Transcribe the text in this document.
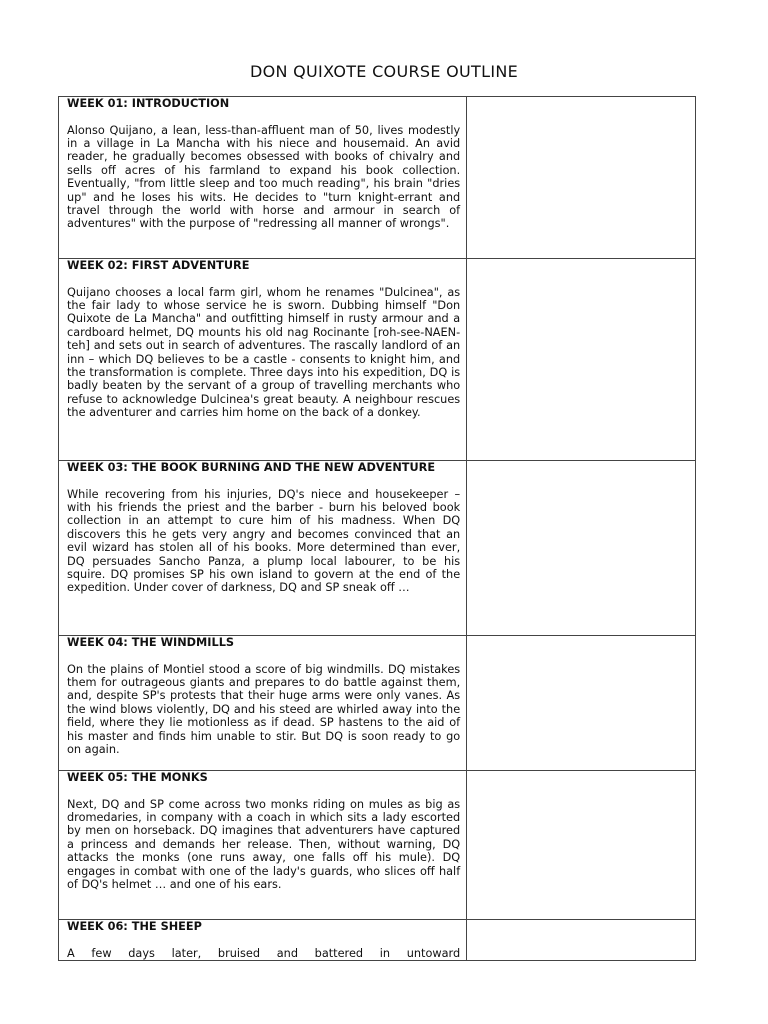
DON QUIXOTE COURSE OUTLINE
WEEK 01: INTRODUCTION

Alonso Quijano, a lean, less-than-affluent man of 50, lives modestly in a village in La Mancha with his niece and housemaid. An avid reader, he gradually becomes obsessed with books of chivalry and sells off acres of his farmland to expand his book collection. Eventually, "from little sleep and too much reading", his brain "dries up" and he loses his wits. He decides to "turn knight-errant and travel through the world with horse and armour in search of adventures" with the purpose of "redressing all manner of wrongs".	

WEEK 02: FIRST ADVENTURE

Quijano chooses a local farm girl, whom he renames "Dulcinea", as the fair lady to whose service he is sworn. Dubbing himself "Don Quixote de La Mancha" and outfitting himself in rusty armour and a cardboard helmet, DQ mounts his old nag Rocinante [roh-see-NAEN-teh] and sets out in search of adventures. The rascally landlord of an inn – which DQ believes to be a castle - consents to knight him, and the transformation is complete. Three days into his expedition, DQ is badly beaten by the servant of a group of travelling merchants who refuse to acknowledge Dulcinea's great beauty. A neighbour rescues the adventurer and carries him home on the back of a donkey.	

WEEK 03: THE BOOK BURNING AND THE NEW ADVENTURE

While recovering from his injuries, DQ's niece and housekeeper – with his friends the priest and the barber - burn his beloved book collection in an attempt to cure him of his madness. When DQ discovers this he gets very angry and becomes convinced that an evil wizard has stolen all of his books. More determined than ever, DQ persuades Sancho Panza, a plump local labourer, to be his squire. DQ promises SP his own island to govern at the end of the expedition. Under cover of darkness, DQ and SP sneak off …	

WEEK 04: THE WINDMILLS

On the plains of Montiel stood a score of big windmills. DQ mistakes them for outrageous giants and prepares to do battle against them, and, despite SP's protests that their huge arms were only vanes. As the wind blows violently, DQ and his steed are whirled away into the field, where they lie motionless as if dead. SP hastens to the aid of his master and finds him unable to stir. But DQ is soon ready to go on again.	

WEEK 05: THE MONKS

Next, DQ and SP come across two monks riding on mules as big as dromedaries, in company with a coach in which sits a lady escorted by men on horseback. DQ imagines that adventurers have captured a princess and demands her release. Then, without warning, DQ attacks the monks (one runs away, one falls off his mule). DQ engages in combat with one of the lady's guards, who slices off half of DQ's helmet … and one of his ears.	

WEEK 06: THE SHEEP

A few days later, bruised and battered in untoward	
